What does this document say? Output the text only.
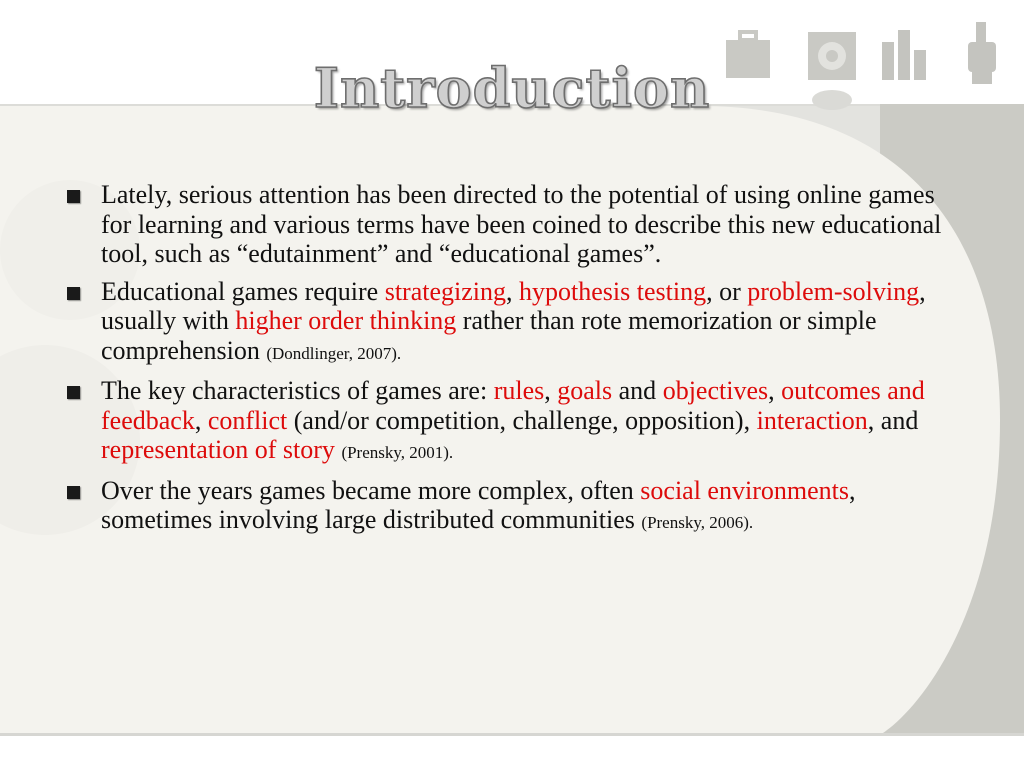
Introduction
Lately, serious attention has been directed to the potential of using online games for learning and various terms have been coined to describe this new educational tool, such as “edutainment” and “educational games”.
Educational games require strategizing, hypothesis testing, or problem-solving, usually with higher order thinking rather than rote memorization or simple comprehension (Dondlinger, 2007).
The key characteristics of games are: rules, goals and objectives, outcomes and feedback, conflict (and/or competition, challenge, opposition), interaction, and representation of story (Prensky, 2001).
Over the years games became more complex, often social environments, sometimes involving large distributed communities (Prensky, 2006).
